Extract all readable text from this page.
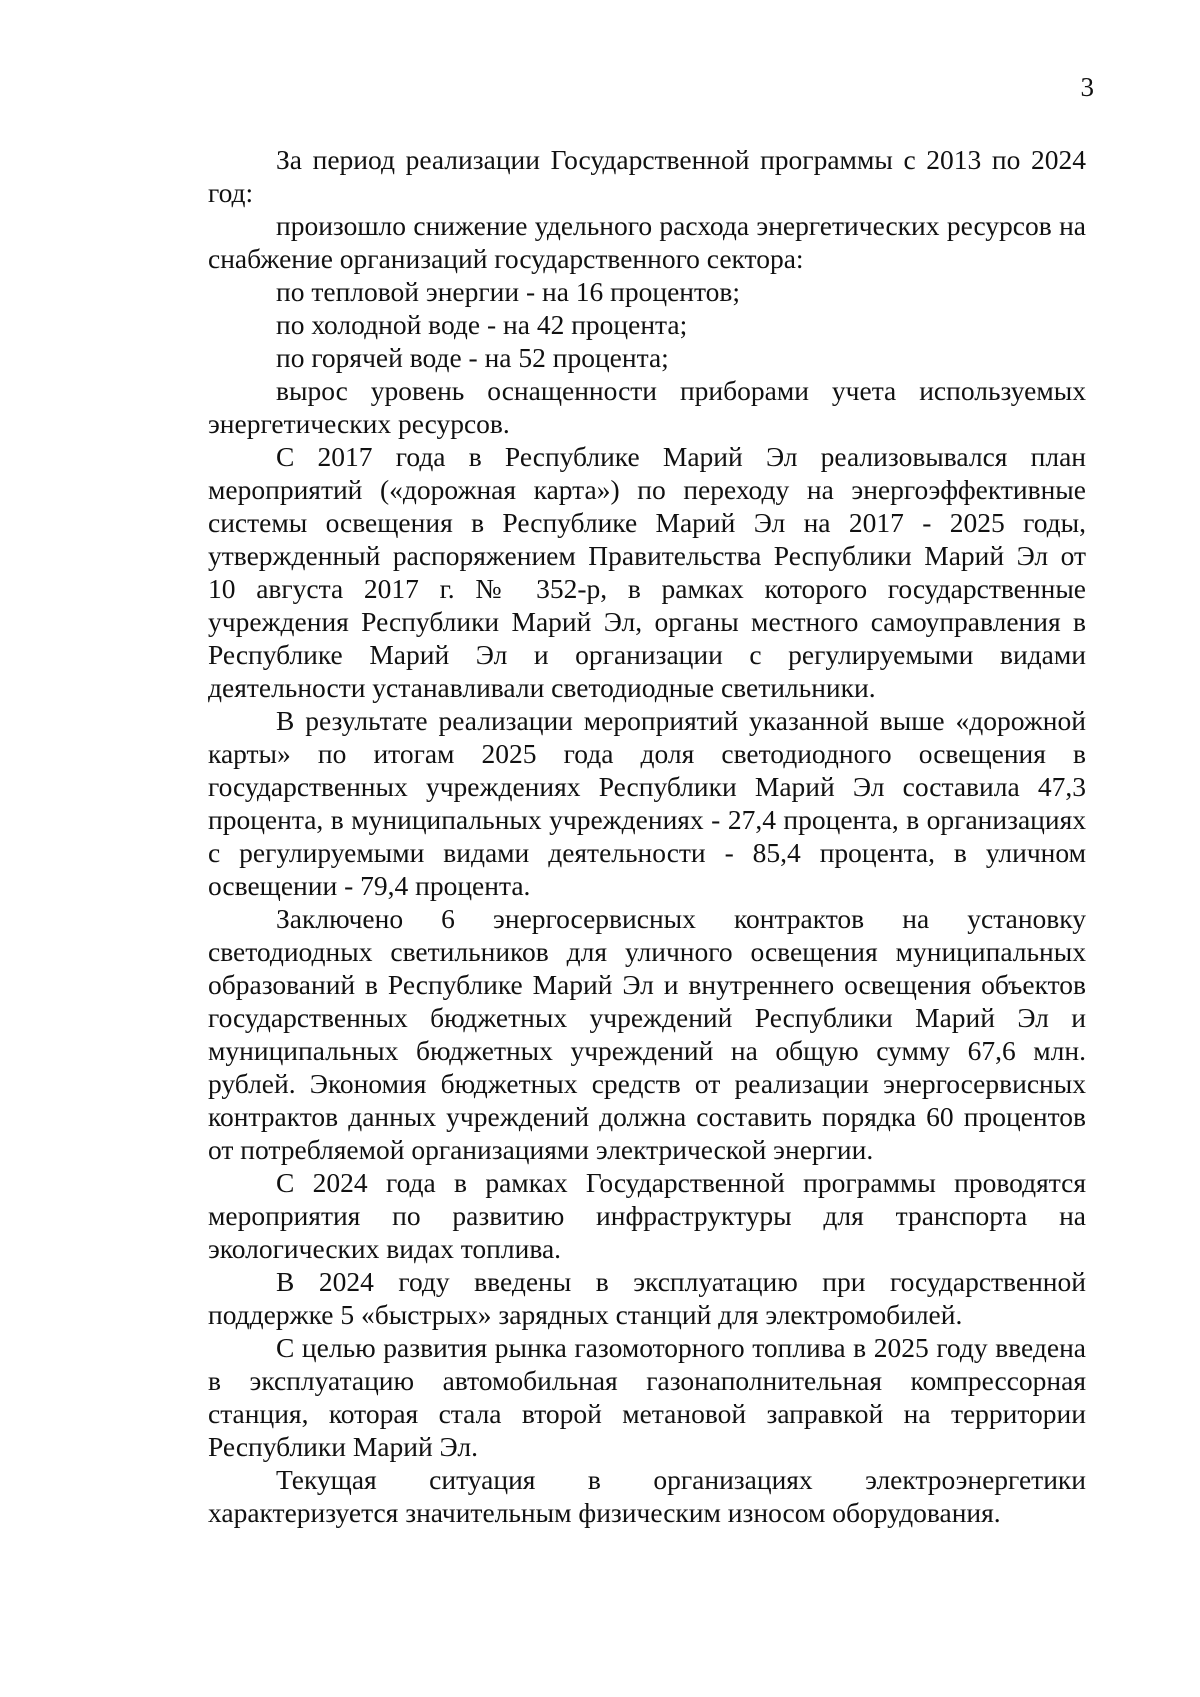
3

За период реализации Государственной программы с 2013 по 2024 год:

произошло снижение удельного расхода энергетических ресурсов на снабжение организаций государственного сектора:

по тепловой энергии - на 16 процентов;

по холодной воде - на 42 процента;

по горячей воде - на 52 процента;

вырос уровень оснащенности приборами учета используемых энергетических ресурсов.

С 2017 года в Республике Марий Эл реализовывался план мероприятий («дорожная карта») по переходу на энергоэффективные системы освещения в Республике Марий Эл на 2017 - 2025 годы, утвержденный распоряжением Правительства Республики Марий Эл от 10 августа 2017 г. № 352-р, в рамках которого государственные учреждения Республики Марий Эл, органы местного самоуправления в Республике Марий Эл и организации с регулируемыми видами деятельности устанавливали светодиодные светильники.

В результате реализации мероприятий указанной выше «дорожной карты» по итогам 2025 года доля светодиодного освещения в государственных учреждениях Республики Марий Эл составила 47,3 процента, в муниципальных учреждениях - 27,4 процента, в организациях с регулируемыми видами деятельности - 85,4 процента, в уличном освещении - 79,4 процента.

Заключено 6 энергосервисных контрактов на установку светодиодных светильников для уличного освещения муниципальных образований в Республике Марий Эл и внутреннего освещения объектов государственных бюджетных учреждений Республики Марий Эл и муниципальных бюджетных учреждений на общую сумму 67,6 млн. рублей. Экономия бюджетных средств от реализации энергосервисных контрактов данных учреждений должна составить порядка 60 процентов от потребляемой организациями электрической энергии.

С 2024 года в рамках Государственной программы проводятся мероприятия по развитию инфраструктуры для транспорта на экологических видах топлива.

В 2024 году введены в эксплуатацию при государственной поддержке 5 «быстрых» зарядных станций для электромобилей.

С целью развития рынка газомоторного топлива в 2025 году введена в эксплуатацию автомобильная газонаполнительная компрессорная станция, которая стала второй метановой заправкой на территории Республики Марий Эл.

Текущая ситуация в организациях электроэнергетики характеризуется значительным физическим износом оборудования.
